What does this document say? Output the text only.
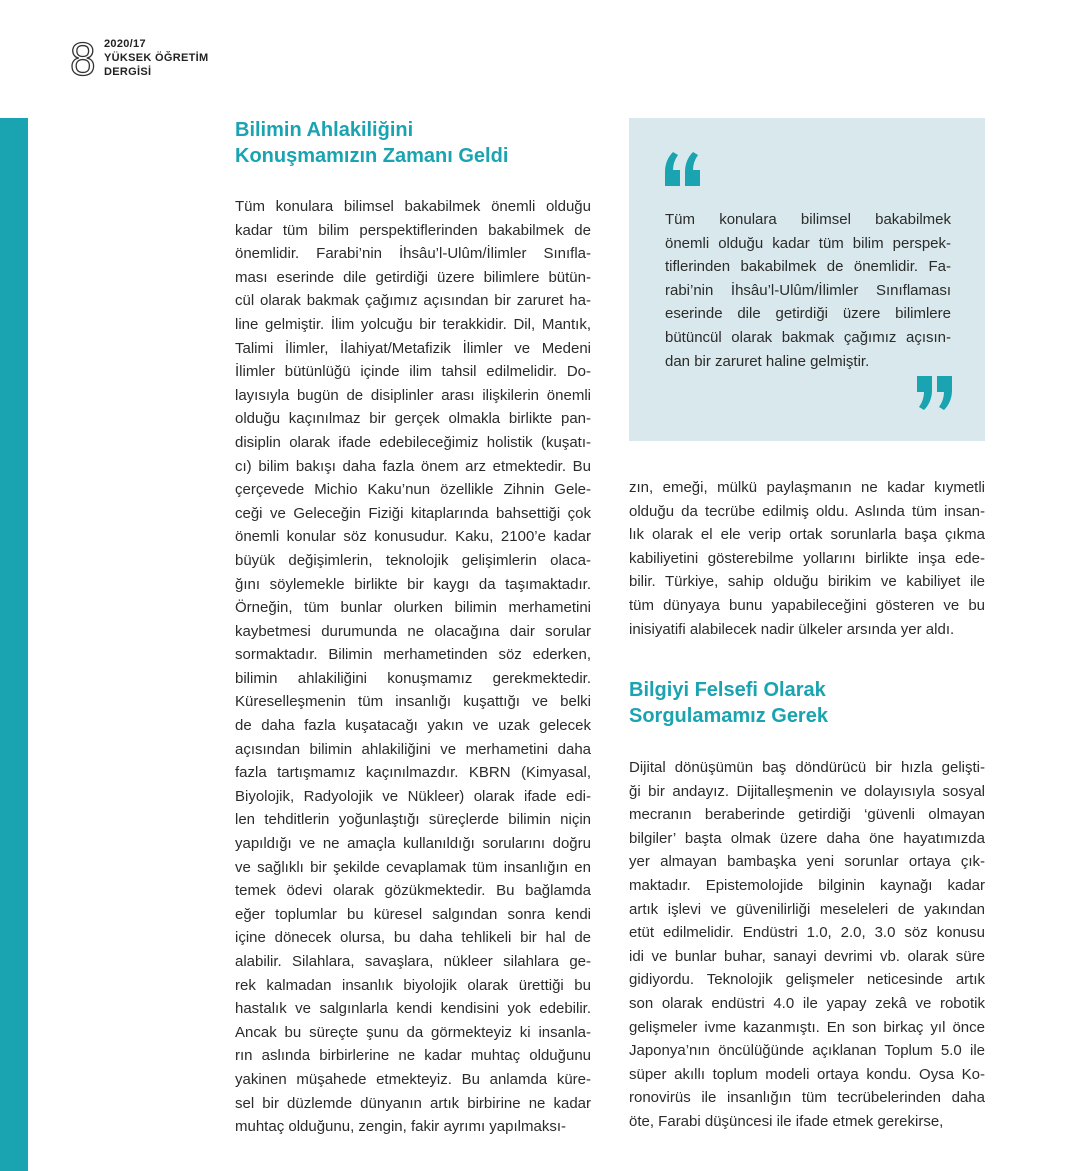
8 2020/17
YÜKSEK ÖĞRETİM
DERGİSİ
Bilimin Ahlakiliğini
Konuşmamızın Zamanı Geldi
Tüm konulara bilimsel bakabilmek önemli olduğu
kadar tüm bilim perspektiflerinden bakabilmek de
önemlidir. Farabi’nin İhsâu’l-Ulûm/İlimler Sınıfla-
ması eserinde dile getirdiği üzere bilimlere bütün-
cül olarak bakmak çağımız açısından bir zaruret ha-
line gelmiştir. İlim yolcuğu bir terakkidir. Dil, Mantık,
Talimi İlimler, İlahiyat/Metafizik İlimler ve Medeni
İlimler bütünlüğü içinde ilim tahsil edilmelidir. Do-
layısıyla bugün de disiplinler arası ilişkilerin önemli
olduğu kaçınılmaz bir gerçek olmakla birlikte pan-
disiplin olarak ifade edebileceğimiz holistik (kuşatı-
cı) bilim bakışı daha fazla önem arz etmektedir. Bu
çerçevede Michio Kaku’nun özellikle Zihnin Gele-
ceği ve Geleceğin Fiziği kitaplarında bahsettiği çok
önemli konular söz konusudur. Kaku, 2100’e kadar
büyük değişimlerin, teknolojik gelişimlerin olaca-
ğını söylemekle birlikte bir kaygı da taşımaktadır.
Örneğin, tüm bunlar olurken bilimin merhametini
kaybetmesi durumunda ne olacağına dair sorular
sormaktadır. Bilimin merhametinden söz ederken,
bilimin ahlakiliğini konuşmamız gerekmektedir.
Küreselleşmenin tüm insanlığı kuşattığı ve belki
de daha fazla kuşatacağı yakın ve uzak gelecek
açısından bilimin ahlakiliğini ve merhametini daha
fazla tartışmamız kaçınılmazdır. KBRN (Kimyasal,
Biyolojik, Radyolojik ve Nükleer) olarak ifade edi-
len tehditlerin yoğunlaştığı süreçlerde bilimin niçin
yapıldığı ve ne amaçla kullanıldığı sorularını doğru
ve sağlıklı bir şekilde cevaplamak tüm insanlığın en
temek ödevi olarak gözükmektedir. Bu bağlamda
eğer toplumlar bu küresel salgından sonra kendi
içine dönecek olursa, bu daha tehlikeli bir hal de
alabilir. Silahlara, savaşlara, nükleer silahlara ge-
rek kalmadan insanlık biyolojik olarak ürettiği bu
hastalık ve salgınlarla kendi kendisini yok edebilir.
Ancak bu süreçte şunu da görmekteyiz ki insanla-
rın aslında birbirlerine ne kadar muhtaç olduğunu
yakinen müşahede etmekteyiz. Bu anlamda küre-
sel bir düzlemde dünyanın artık birbirine ne kadar
muhtaç olduğunu, zengin, fakir ayrımı yapılmaksı-
Tüm konulara bilimsel bakabilmek
önemli olduğu kadar tüm bilim perspek-
tiflerinden bakabilmek de önemlidir. Fa-
rabi’nin İhsâu’l-Ulûm/İlimler Sınıflaması
eserinde dile getirdiği üzere bilimlere
bütüncül olarak bakmak çağımız açısın-
dan bir zaruret haline gelmiştir.
zın, emeği, mülkü paylaşmanın ne kadar kıymetli
olduğu da tecrübe edilmiş oldu. Aslında tüm insan-
lık olarak el ele verip ortak sorunlarla başa çıkma
kabiliyetini gösterebilme yollarını birlikte inşa ede-
bilir. Türkiye, sahip olduğu birikim ve kabiliyet ile
tüm dünyaya bunu yapabileceğini gösteren ve bu
inisiyatifi alabilecek nadir ülkeler arsında yer aldı.
Bilgiyi Felsefi Olarak
Sorgulamamız Gerek
Dijital dönüşümün baş döndürücü bir hızla gelişti-
ği bir andayız. Dijitalleşmenin ve dolayısıyla sosyal
mecranın beraberinde getirdiği ‘güvenli olmayan
bilgiler’ başta olmak üzere daha öne hayatımızda
yer almayan bambaşka yeni sorunlar ortaya çık-
maktadır. Epistemolojide bilginin kaynağı kadar
artık işlevi ve güvenilirliği meseleleri de yakından
etüt edilmelidir. Endüstri 1.0, 2.0, 3.0 söz konusu
idi ve bunlar buhar, sanayi devrimi vb. olarak süre
gidiyordu. Teknolojik gelişmeler neticesinde artık
son olarak endüstri 4.0 ile yapay zekâ ve robotik
gelişmeler ivme kazanmıştı. En son birkaç yıl önce
Japonya’nın öncülüğünde açıklanan Toplum 5.0 ile
süper akıllı toplum modeli ortaya kondu. Oysa Ko-
ronovirüs ile insanlığın tüm tecrübelerinden daha
öte, Farabi düşüncesi ile ifade etmek gerekirse,
